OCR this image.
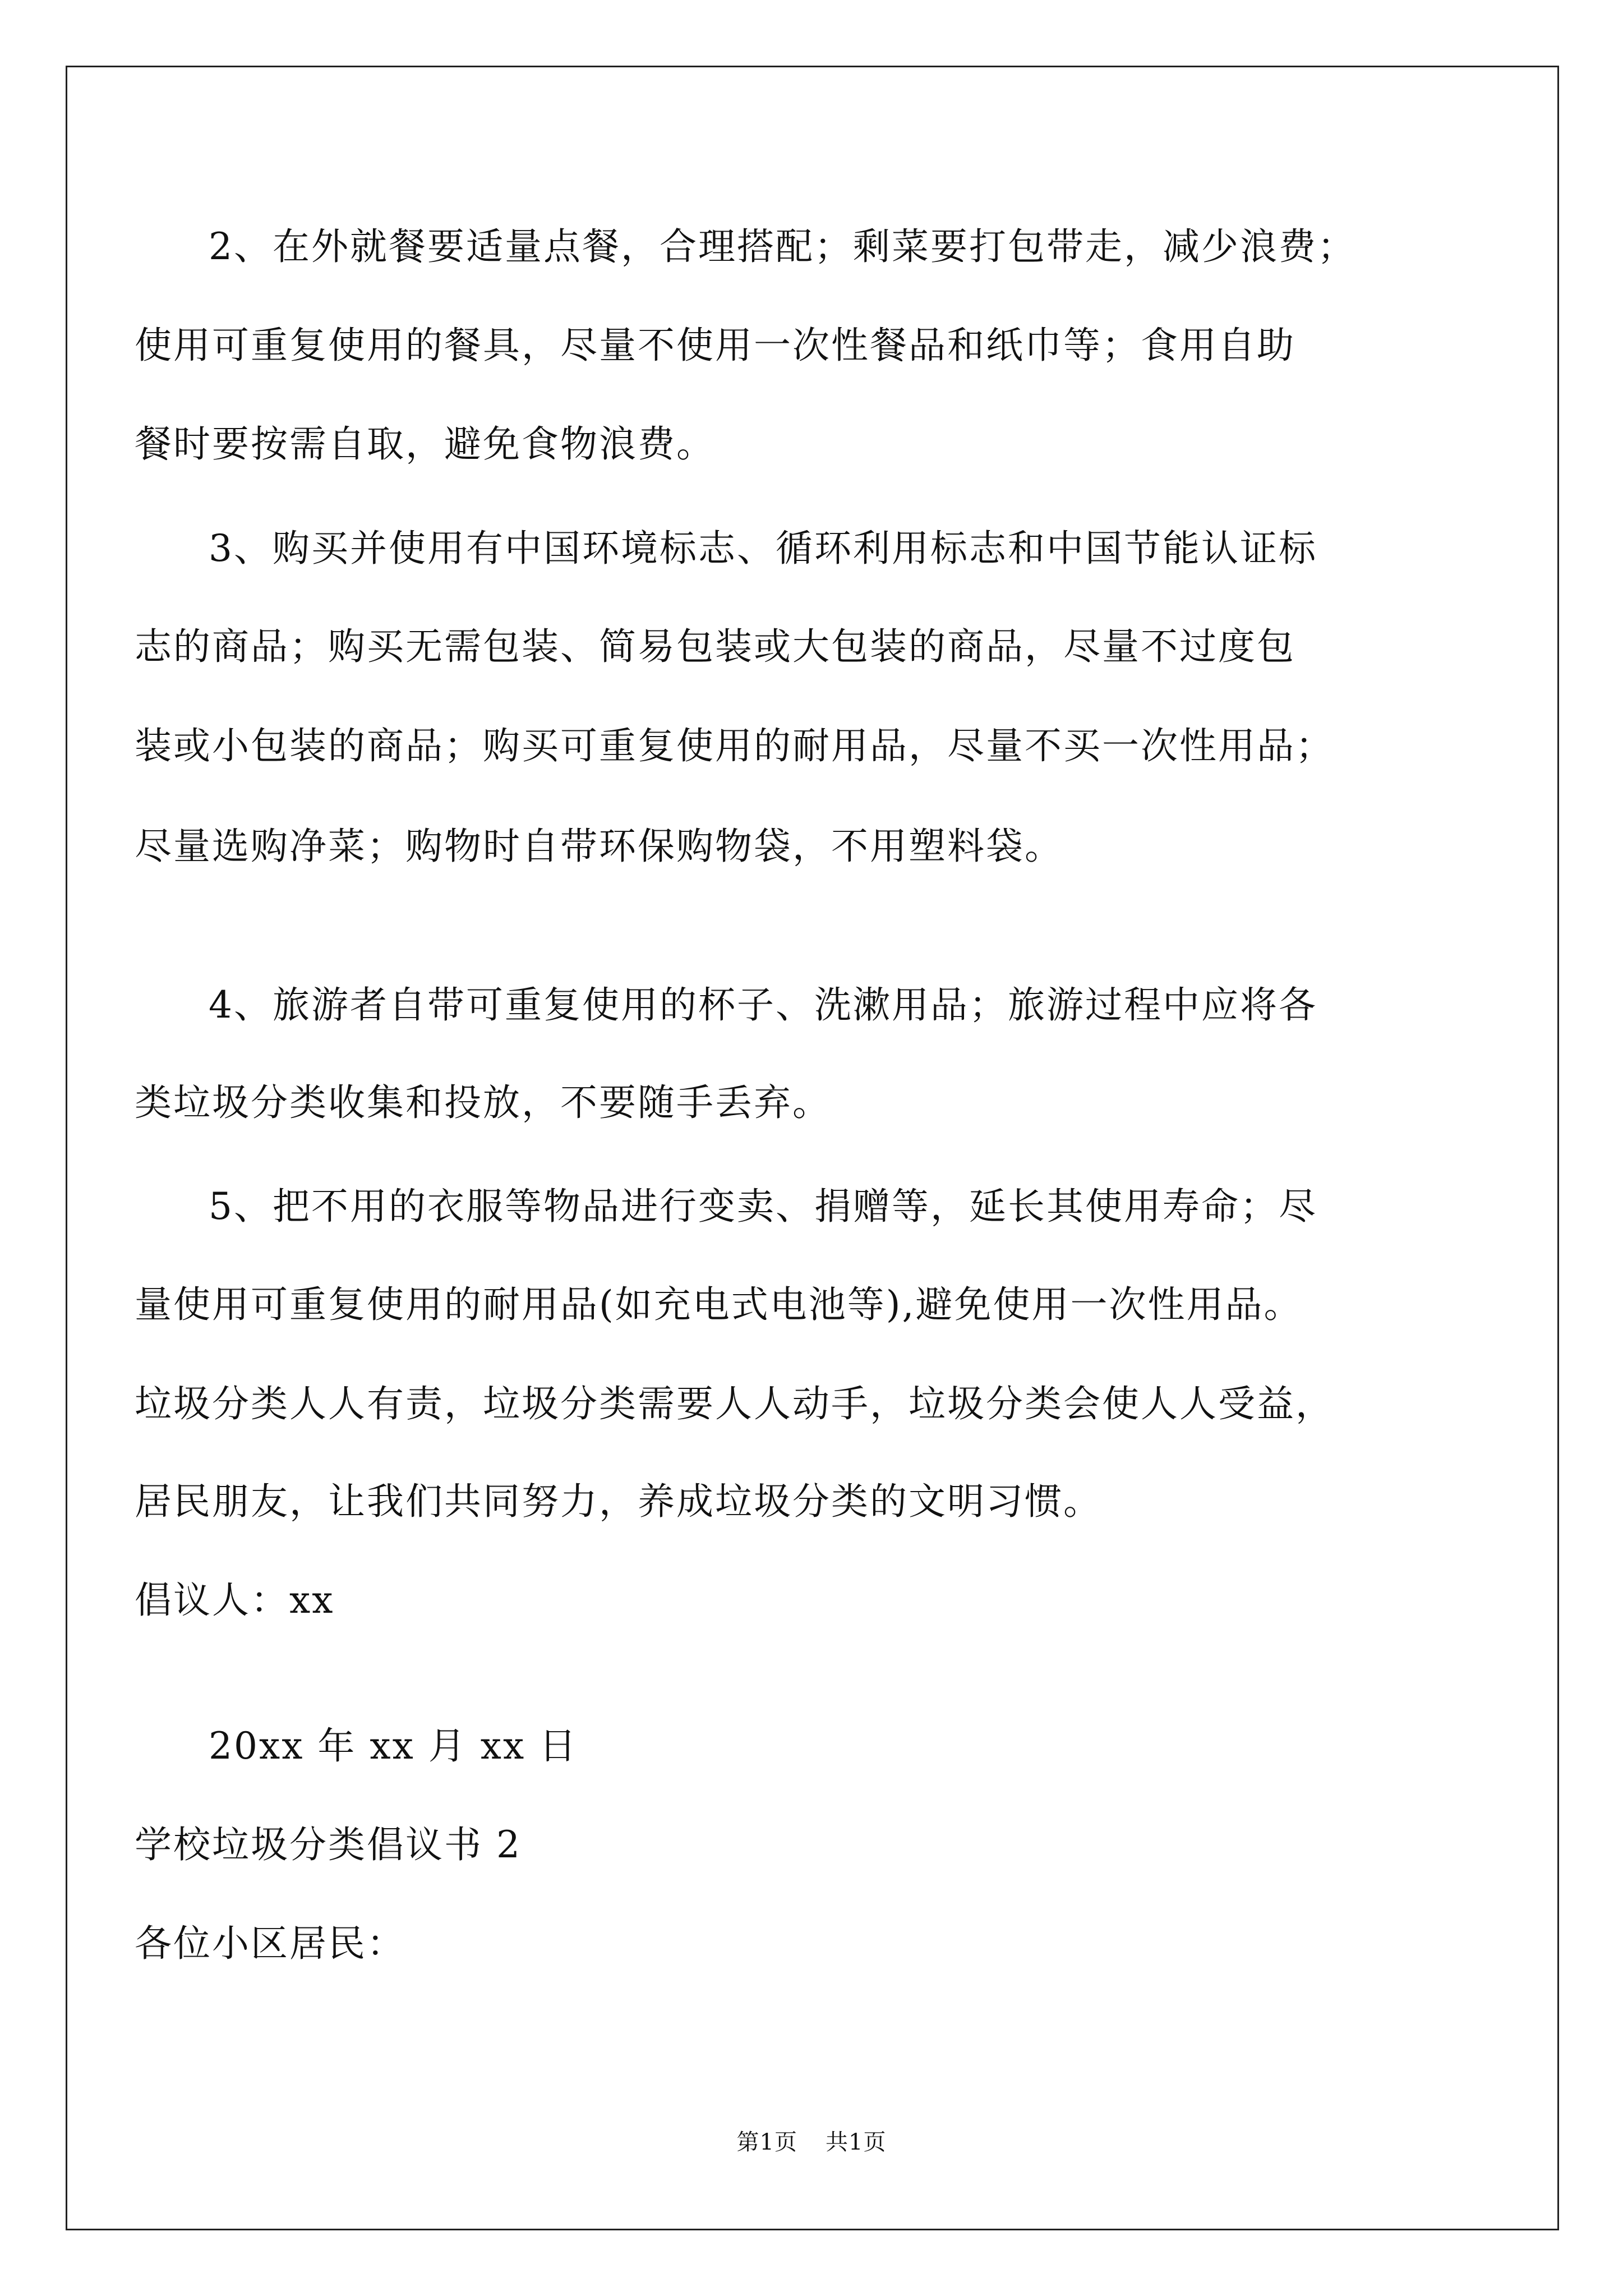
2、在外就餐要适量点餐，合理搭配；剩菜要打包带走，减少浪费；
使用可重复使用的餐具，尽量不使用一次性餐品和纸巾等；食用自助
餐时要按需自取，避免食物浪费。
3、购买并使用有中国环境标志、循环利用标志和中国节能认证标
志的商品；购买无需包装、简易包装或大包装的商品，尽量不过度包
装或小包装的商品；购买可重复使用的耐用品，尽量不买一次性用品；
尽量选购净菜；购物时自带环保购物袋，不用塑料袋。
4、旅游者自带可重复使用的杯子、洗漱用品；旅游过程中应将各
类垃圾分类收集和投放，不要随手丢弃。
5、把不用的衣服等物品进行变卖、捐赠等，延长其使用寿命；尽
量使用可重复使用的耐用品(如充电式电池等),避免使用一次性用品。
垃圾分类人人有责，垃圾分类需要人人动手，垃圾分类会使人人受益，
居民朋友，让我们共同努力，养成垃圾分类的文明习惯。
倡议人：xx
20xx 年 xx 月 xx 日
学校垃圾分类倡议书 2
各位小区居民：
第1页 共1页
